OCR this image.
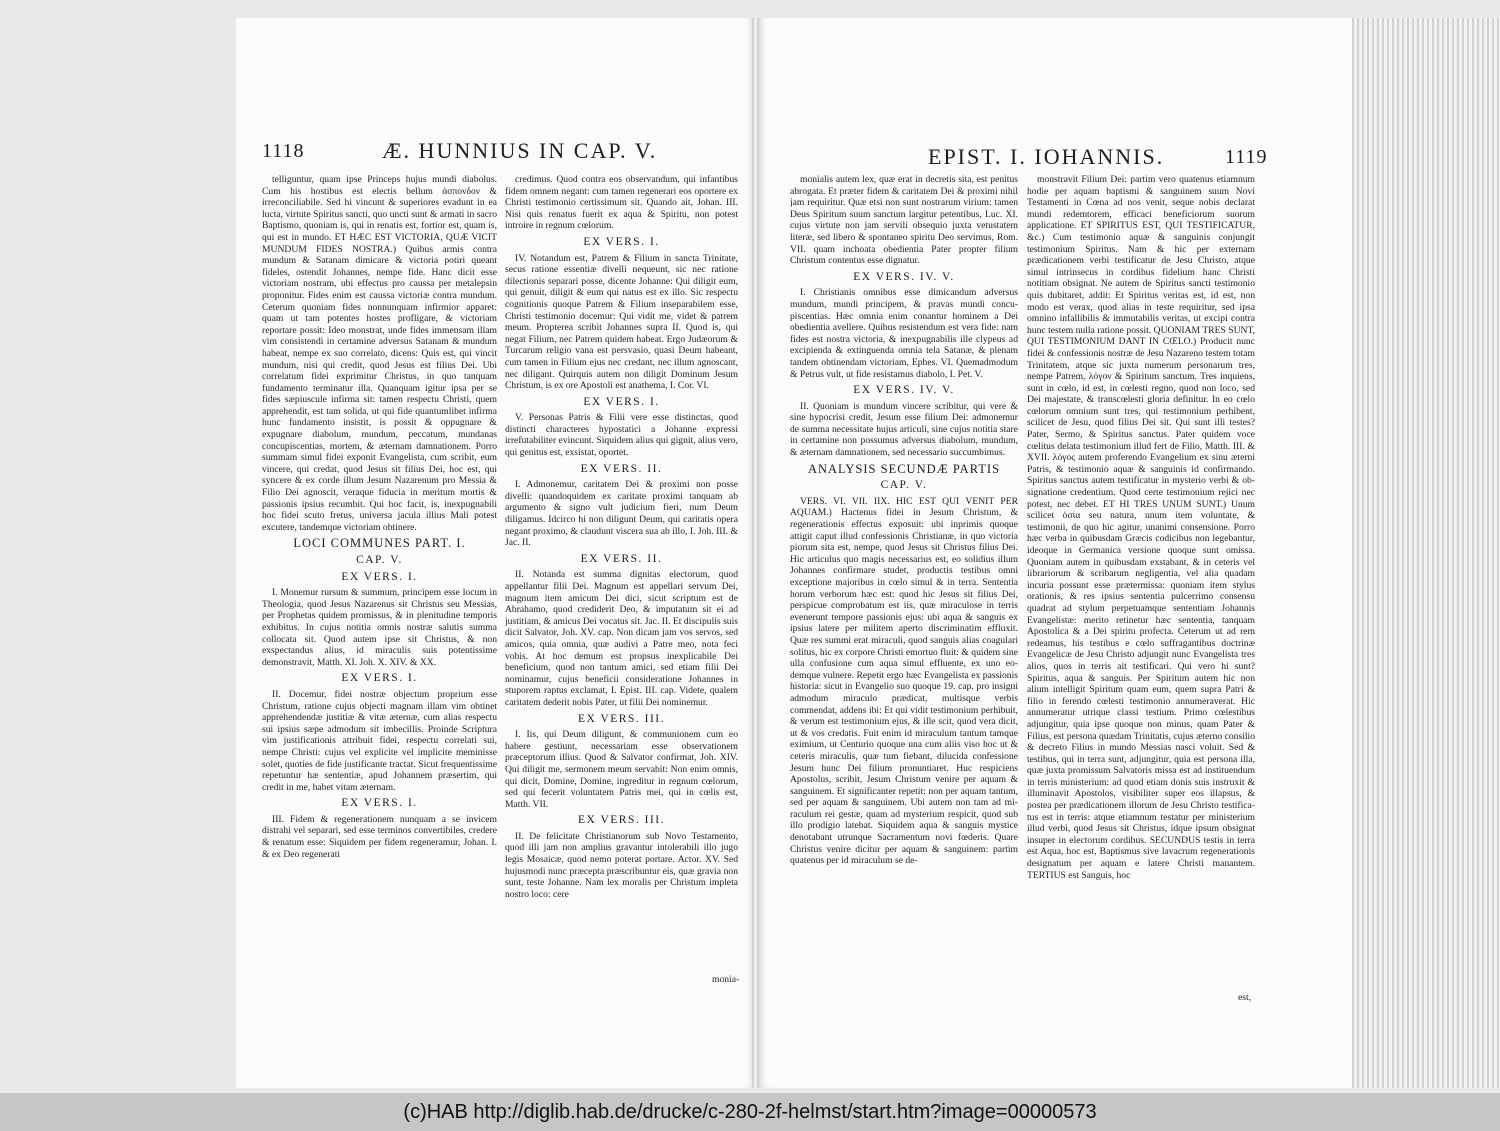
1118	Æ. HUNNIUS IN CAP. V.	EPIST. I. IOHANNIS.	1119

telliguntur, quam ipse Princeps hujus mundi diabolus. Cum his hostibus est electis bellum ἀσπονδον & irreconciliabile. Sed hi vincunt & superiores evadunt in ea lucta, virtute Spiritus sancti, quo uncti sunt & armati in sacro Baptismo, quoniam is, qui in renatis est, fortior est, quam is, qui est in mundo. ET HÆC EST VICTORIA, QUÆ VICIT MUNDUM FIDES NOSTRA.) Quibus armis contra mundum & Satanam dimicare & victoria potiri queant fideles, ostendit Johannes, nempe fide. Hanc dicit esse victoriam nostram, ubi effectus pro caussa per metalepsin proponitur. Fides enim est caussa victoriæ contra mundum. Ceterum quoniam fides nonnunquam infirmior apparet: quam ut tam potentes hostes profligare, & victoriam reportare possit: Ideo monstrat, unde fides immensam illam vim consistendi in certamine adversus Satanam & mundum habeat, nempe ex suo correlato, dicens: Quis est, qui vincit mundum, nisi qui credit, quod Jesus est filius Dei. Ubi correlatum fidei exprimitur Christus, in quo tanquam fundamento terminatur illa. Quanquam igitur ipsa per se fides sæpiuscule infirma sit: tamen respectu Christi, quem apprehendit, est tam solida, ut qui fide quantumlibet infirma hunc fundamento insistit, is possit & oppugnare & expugnare diabolum, mundum, peccatum, mundanas concupiscentias, mortem, & æternam damnationem. Porro summam simul fidei exponit Evangelista, cum scribit, eum vincere, qui credat, quod Jesus sit filius Dei, hoc est, qui syncere & ex corde illum Jesum Nazarenum pro Messia & Filio Dei agnoscit, veraque fiducia in meritum mortis & passionis ipsius recumbit. Qui hoc facit, is, inexpugnabili hoc fidei scuto fretus, universa jacula illius Mali potest excutere, tandemque victoriam obtinere.

LOCI COMMUNES PART. I.
CAP. V.
EX VERS. I.

I. Monemur rursum & summum, principem esse locum in Theologia, quod Jesus Nazarenus sit Christus seu Messias, per Prophetas quidem promissus, & in plenitudine temporis exhibitus. In cujus notitia omnis nostræ salutis summa collocata sit. Quod autem ipse sit Christus, & non exspectandus alius, id miraculis suis potentissime demonstravit, Matth. XI. Joh. X. XIV. & XX.

EX VERS. I.

II. Docemur, fidei nostræ objectum proprium esse Christum, ratione cujus objecti magnam illam vim obtinet apprehendendæ justitiæ & vitæ æternæ, cum alias respectu sui ipsius sæpe admodum sit imbecillis. Proinde Scriptura vim justificationis attribuit fidei, respectu correlati sui, nempe Christi: cujus vel explicite vel implicite meminisse solet, quoties de fide justificante tractat. Sicut frequentissime repetuntur hæ sententiæ, apud Johannem præsertim, qui credit in me, habet vitam æternam.

EX VERS. I.

III. Fidem & regenerationem nunquam a se invicem distrahi vel separari, sed esse terminos convertibiles, credere & renatum esse: Siquidem per fidem regeneramur, Johan. I. & ex Deo regenerati

credimus. Quod contra eos observandum, qui infantibus fidem omnem negant: cum tamen regenerari eos oportere ex Christi testimonio certissimum sit. Quando ait, Johan. III. Nisi quis renatus fuerit ex aqua & Spiritu, non potest introire in regnum cœlorum.

EX VERS. I.

IV. Notandum est, Patrem & Filium in sancta Trinitate, secus ratione essentiæ divelli nequeunt, sic nec ratione dilectionis separari posse, dicente Johanne: Qui diligit eum, qui genuit, diligit & eum qui natus est ex illo. Sic respectu cognitionis quoque Patrem & Filium inseparabilem esse, Christi testimonio docemur: Qui vidit me, videt & patrem meum. Propterea scribit Johannes supra II. Quod is, qui negat Filium, nec Patrem quidem habeat. Ergo Judæorum & Turcarum religio vana est persvasio, quasi Deum habeant, cum tamen in Filium ejus nec credant, nec illum agnoscant, nec diligant. Quirquis autem non diligit Dominum Jesum Christum, is ex ore Apostoli est anathema, I. Cor. VI.

EX VERS. I.

V. Personas Patris & Filii vere esse distinctas, quod distincti characteres hypostatici a Johanne expressi irrefutabiliter evincunt. Siquidem alius qui gignit, alius vero, qui genitus est, exsistat, oportet.

EX VERS. II.

I. Admonemur, caritatem Dei & proximi non posse divelli: quandoquidem ex caritate proximi tanquam ab argumento & signo vult judicium fieri, num Deum diligamus. Idcirco hi non diligunt Deum, qui caritatis opera negant proximo, & claudunt viscera sua ab illo, I. Joh. III. & Jac. II.

EX VERS. II.

II. Notanda est summa dignitas electorum, quod appellantur filii Dei. Magnum est appellari servum Dei, magnum item amicum Dei dici, sicut scriptum est de Abrahamo, quod crediderit Deo, & imputatum sit ei ad justitiam, & amicus Dei vocatus sit. Jac. II. Et discipulis suis dicit Salvator, Joh. XV. cap. Non dicam jam vos servos, sed amicos, quia omnia, quæ audivi a Patre meo, nota feci vobis. At hoc demum est prорsus inexplicabile Dei beneficium, quod non tantum amici, sed etiam filii Dei nominamur, cujus beneficii consideratione Johannes in stuporem raptus exclamat, I. Epist. III. cap. Videte, qualem caritatem dederit nobis Pater, ut filii Dei nominemur.

EX VERS. III.

I. Iis, qui Deum diligunt, & communionem cum eo habere gestiunt, necessariam esse observationem præceptorum illius. Quod & Salvator confirmat, Joh. XIV. Qui diligit me, sermonem meum servabit: Non enim omnis, qui dicit, Domine, Domine, ingreditur in regnum cœlorum, sed qui fecerit voluntatem Patris mei, qui in cœlis est, Matth. VII.

EX VERS. III.

II. De felicitate Christianorum sub Novo Testamento, quod illi jam non amplius gravantur intolerabili illo jugo legis Mosaicæ, quod nemo poterat portare. Actor. XV. Sed hujusmodi nunc præcepta præscribuntur eis, quæ gravia non sunt, teste Johanne. Nam lex moralis per Christum impleta nostro loco: cere

monia-

monialis autem lex, quæ erat in decretis sita, est penitus abrogata. Et præter fidem & caritatem Dei & proximi nihil jam requiritur. Quæ etsi non sunt nostrarum virium: tamen Deus Spiritum suum sanctum largitur petentibus, Luc. XI. cujus virtute non jam servili obsequio juxta vetustatem literæ, sed libero & spontaneo spiritu Deo servimus, Rom. VII. quam inchoata obedientia Pater propter filium Christum contentus esse dignatur.

EX VERS. IV. V.

I. Christianis omnibus esse dimicandum adversus mundum, mundi principem, & pravas mundi concupiscentias. Hæc omnia enim conantur hominem a Dei obedientia avellere. Quibus resistendum est vera fide: nam fides est nostra victoria, & inexpugnabilis ille clypeus ad excipienda & extinguenda omnia tela Satanæ, & plenam tandem obtinendam victoriam, Ephes. VI. Quemadmodum & Petrus vult, ut fide resistamus diabolo, I. Pet. V.

EX VERS. IV. V.

II. Quoniam is mundum vincere scribitur, qui vere & sine hypocrisi credit, Jesum esse filium Dei: admonemur de summa necessitate hujus articuli, sine cujus notitia stare in certamine non possumus adversus diabolum, mundum, & æternam damnationem, sed necessario succumbimus.

ANALYSIS SECUNDÆ PARTIS
CAP. V.

VERS. VI. VII. IIX. HIC EST QUI VENIT PER AQUAM.) Hactenus fidei in Jesum Christum, & regenerationis effectus exposuit: ubi inprimis quoque attigit caput illud confessionis Christianæ, in quo victoria piorum sita est, nempe, quod Jesus sit Christus filius Dei. Hic articulus quo magis necessarius est, eo solidius illum Johannes confirmare studet, productis testibus omni exceptione majoribus in cœlo simul & in terra. Sententia horum verborum hæc est: quod hic Jesus sit filius Dei, perspicue comprobatum est iis, quæ miraculose in terris evenerunt tempore passionis ejus: ubi aqua & sanguis ex ipsius latere per militem aperto discriminatim effluxit. Quæ res summi erat miraculi, quod sanguis alias coagulari solitus, hic ex corpore Christi emortuo fluit: & quidem sine ulla confusione cum aqua simul effluente, ex uno eodemque vulnere. Repetit ergo hæc Evangelista ex passionis historia: sicut in Evangelio suo quoque 19. cap. pro insigni admodum miraculo prædicat, multisque verbis commendat, addens ibi: Et qui vidit testimonium perhibuit, & verum est testimonium ejus, & ille scit, quod vera dicit, ut & vos credatis. Fuit enim id miraculum tantum tamque eximium, ut Centurio quoque una cum aliis viso hoc ut & ceteris miraculis, quæ tum fiebant, dilucida confessione Jesum hunc Dei filium pronuntiaret. Huc respiciens Apostolus, scribit, Jesum Christum venire per aquam & sanguinem. Et significanter repetit: non per aquam tantum, sed per aquam & sanguinem. Ubi autem non tam ad miraculum rei gestæ, quam ad mysterium respicit, quod sub illo prodigio latebat. Siquidem aqua & sanguis mystice denotabant utrunque Sacramentum novi fœderis. Quare Christus venire dicitur per aquam & sanguinem: partim quatenus per id miraculum se de-

monstravit Filium Dei: partim vero quatenus etiamnum hodie per aquam baptismi & sanguinem suum Novi Testamenti in Cœna ad nos venit, seque nobis declarat mundi redemtorem, efficaci beneficiorum suorum applicatione. ET SPIRITUS EST, QUI TESTIFICATUR, &c.) Cum testimonio aquæ & sanguinis conjungit testimonium Spiritus. Nam & hic per externam prædicationem verbi testificatur de Jesu Christo, atque simul intrinsecus in cordibus fidelium hanc Christi notitiam obsignat. Ne autem de Spiritus sancti testimonio quis dubitaret, addit: Et Spiritus veritas est, id est, non modo est verax, quod alias in teste requiritur, sed ipsa omnino infallibilis & immutabilis veritas, ut excipi contra hunc testem nulla ratione possit. QUONIAM TRES SUNT, QUI TESTIMONIUM DANT IN CŒLO.) Producit nunc fidei & confessionis nostræ de Jesu Nazareno testem totam Trinitatem, atque sic juxta numerum personarum tres, nempe Patrem, λόγον & Spiritum sanctum. Tres inquiens, sunt in cœlo, id est, in cœlesti regno, quod non loco, sed Dei majestate, & transcœlesti gloria definitur. In eo cœlo cœlorum omnium sunt tres, qui testimonium perhibent, scilicet de Jesu, quod filius Dei sit. Qui sunt illi testes? Pater, Sermo, & Spiritus sanctus. Pater quidem voce cœlitus delata testimonium illud fert de Filio, Matth. III. & XVII. λόγος autem proferendo Evangelium ex sinu æterni Patris, & testimonio aquæ & sanguinis id confirmando. Spiritus sanctus autem testificatur in mysterio verbi & obsignatione credentium. Quod certe testimonium rejici nec potest, nec debet. ET HI TRES UNUM SUNT.) Unum scilicet ὁσία seu natura, unum item voluntate, & testimonii, de quo hic agitur, unanimi consensione. Porro hæc verba in quibusdam Græcis codicibus non legebantur, ideoque in Germanica versione quoque sunt omissa. Quoniam autem in quibusdam exstabant, & in ceteris vel librariorum & scribarum negligentia, vel alia quadam incuria possunt esse prætermissa: quoniam item stylus orationis, & res ipsius sententia pulcerrimo consensu quadrat ad stylum perpetuamque sententiam Johannis Evangelistæ: merito retinetur hæc sententia, tanquam Apostolica & a Dei spiritu profecta. Ceterum ut ad rem redeamus, his testibus e cœlo suffragantibus doctrinæ Evangelicæ de Jesu Christo adjungit nunc Evangelista tres alios, quos in terris ait testificari. Qui vero hi sunt? Spiritus, aqua & sanguis. Per Spiritum autem hic non alium intelligit Spiritum quam eum, quem supra Patri & filio in ferendo cœlesti testimonio annumeraverat. Hic annumeratur utrique classi testium. Primo cœlestibus adjungitur, quia ipse quoque non minus, quam Pater & Filius, est persona quædam Trinitatis, cujus æterno consilio & decreto Filius in mundo Messias nasci voluit. Sed & testibus, qui in terra sunt, adjungitur, quia est persona illa, quæ juxta promissum Salvatoris missa est ad instituendum in terris ministerium: ad quod etiam donis suis instruxit & illuminavit Apostolos, visibiliter super eos illapsus, & postea per prædicationem illorum de Jesu Christo testificatus est in terris: atque etiamnum testatur per ministerium illud verbi, quod Jesus sit Christus, idque ipsum obsignat insuper in electorum cordibus. SECUNDUS testis in terra est Aqua, hoc est, Baptismus sive lavacrum regenerationis designatum per aquam e latere Christi manantem. TERTIUS est Sanguis, hoc

est,
(c)HAB http://diglib.hab.de/drucke/c-280-2f-helmst/start.htm?image=00000573
